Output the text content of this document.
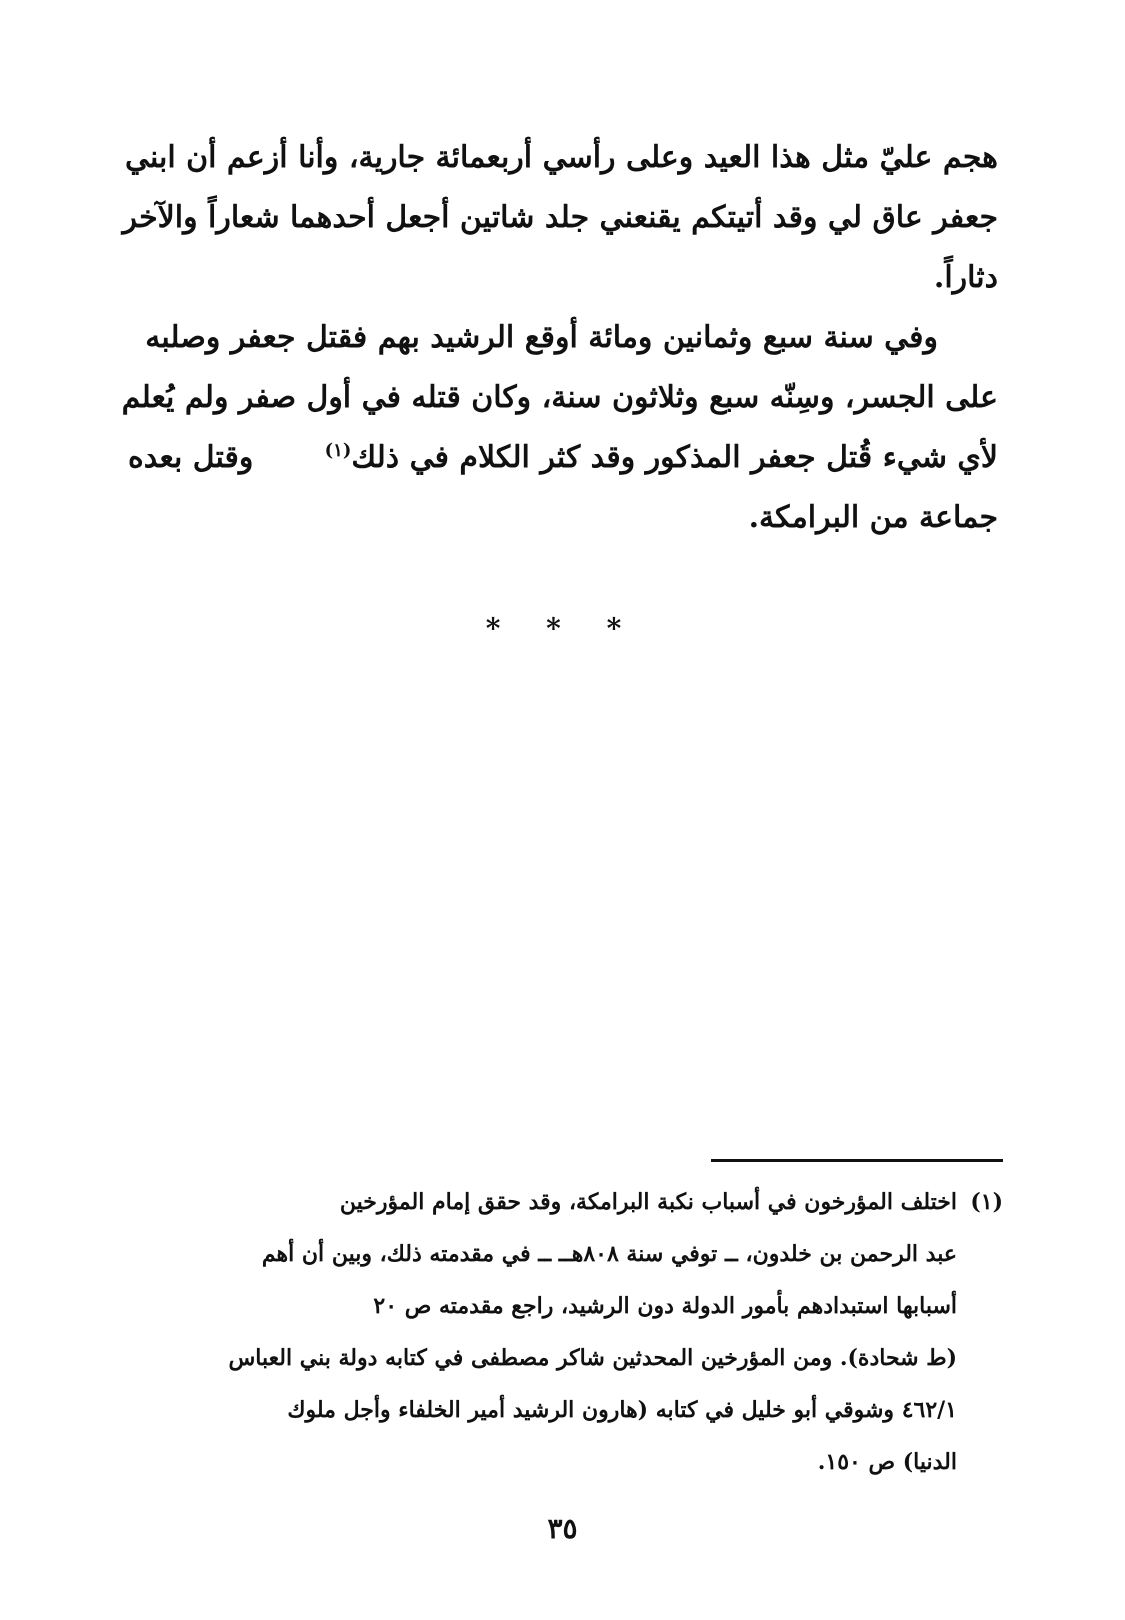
هجم عليّ مثل هذا العيد وعلى رأسي أربعمائة جارية، وأنا أزعم أن ابني
جعفر عاق لي وقد أتيتكم يقنعني جلد شاتين أجعل أحدهما شعاراً والآخر
دثاراً.
وفي سنة سبع وثمانين ومائة أوقع الرشيد بهم فقتل جعفر وصلبه
على الجسر، وسِنّه سبع وثلاثون سنة، وكان قتله في أول صفر ولم يُعلم
لأي شيء قُتل جعفر المذكور وقد كثر الكلام في ذلك$^{(١)}$
وقتل بعده
جماعة من البرامكة.
* * *
(١)
اختلف المؤرخون في أسباب نكبة البرامكة، وقد حقق إمام المؤرخين
عبد الرحمن بن خلدون، ــ توفي سنة ٨٠٨هــ ــ في مقدمته ذلك، وبين أن أهم
أسبابها استبدادهم بأمور الدولة دون الرشيد، راجع مقدمته ص ٢٠
(ط شحادة). ومن المؤرخين المحدثين شاكر مصطفى في كتابه دولة بني العباس
٤٦٢/١ وشوقي أبو خليل في كتابه (هارون الرشيد أمير الخلفاء وأجل ملوك
الدنيا) ص ١٥٠.
٣٥
